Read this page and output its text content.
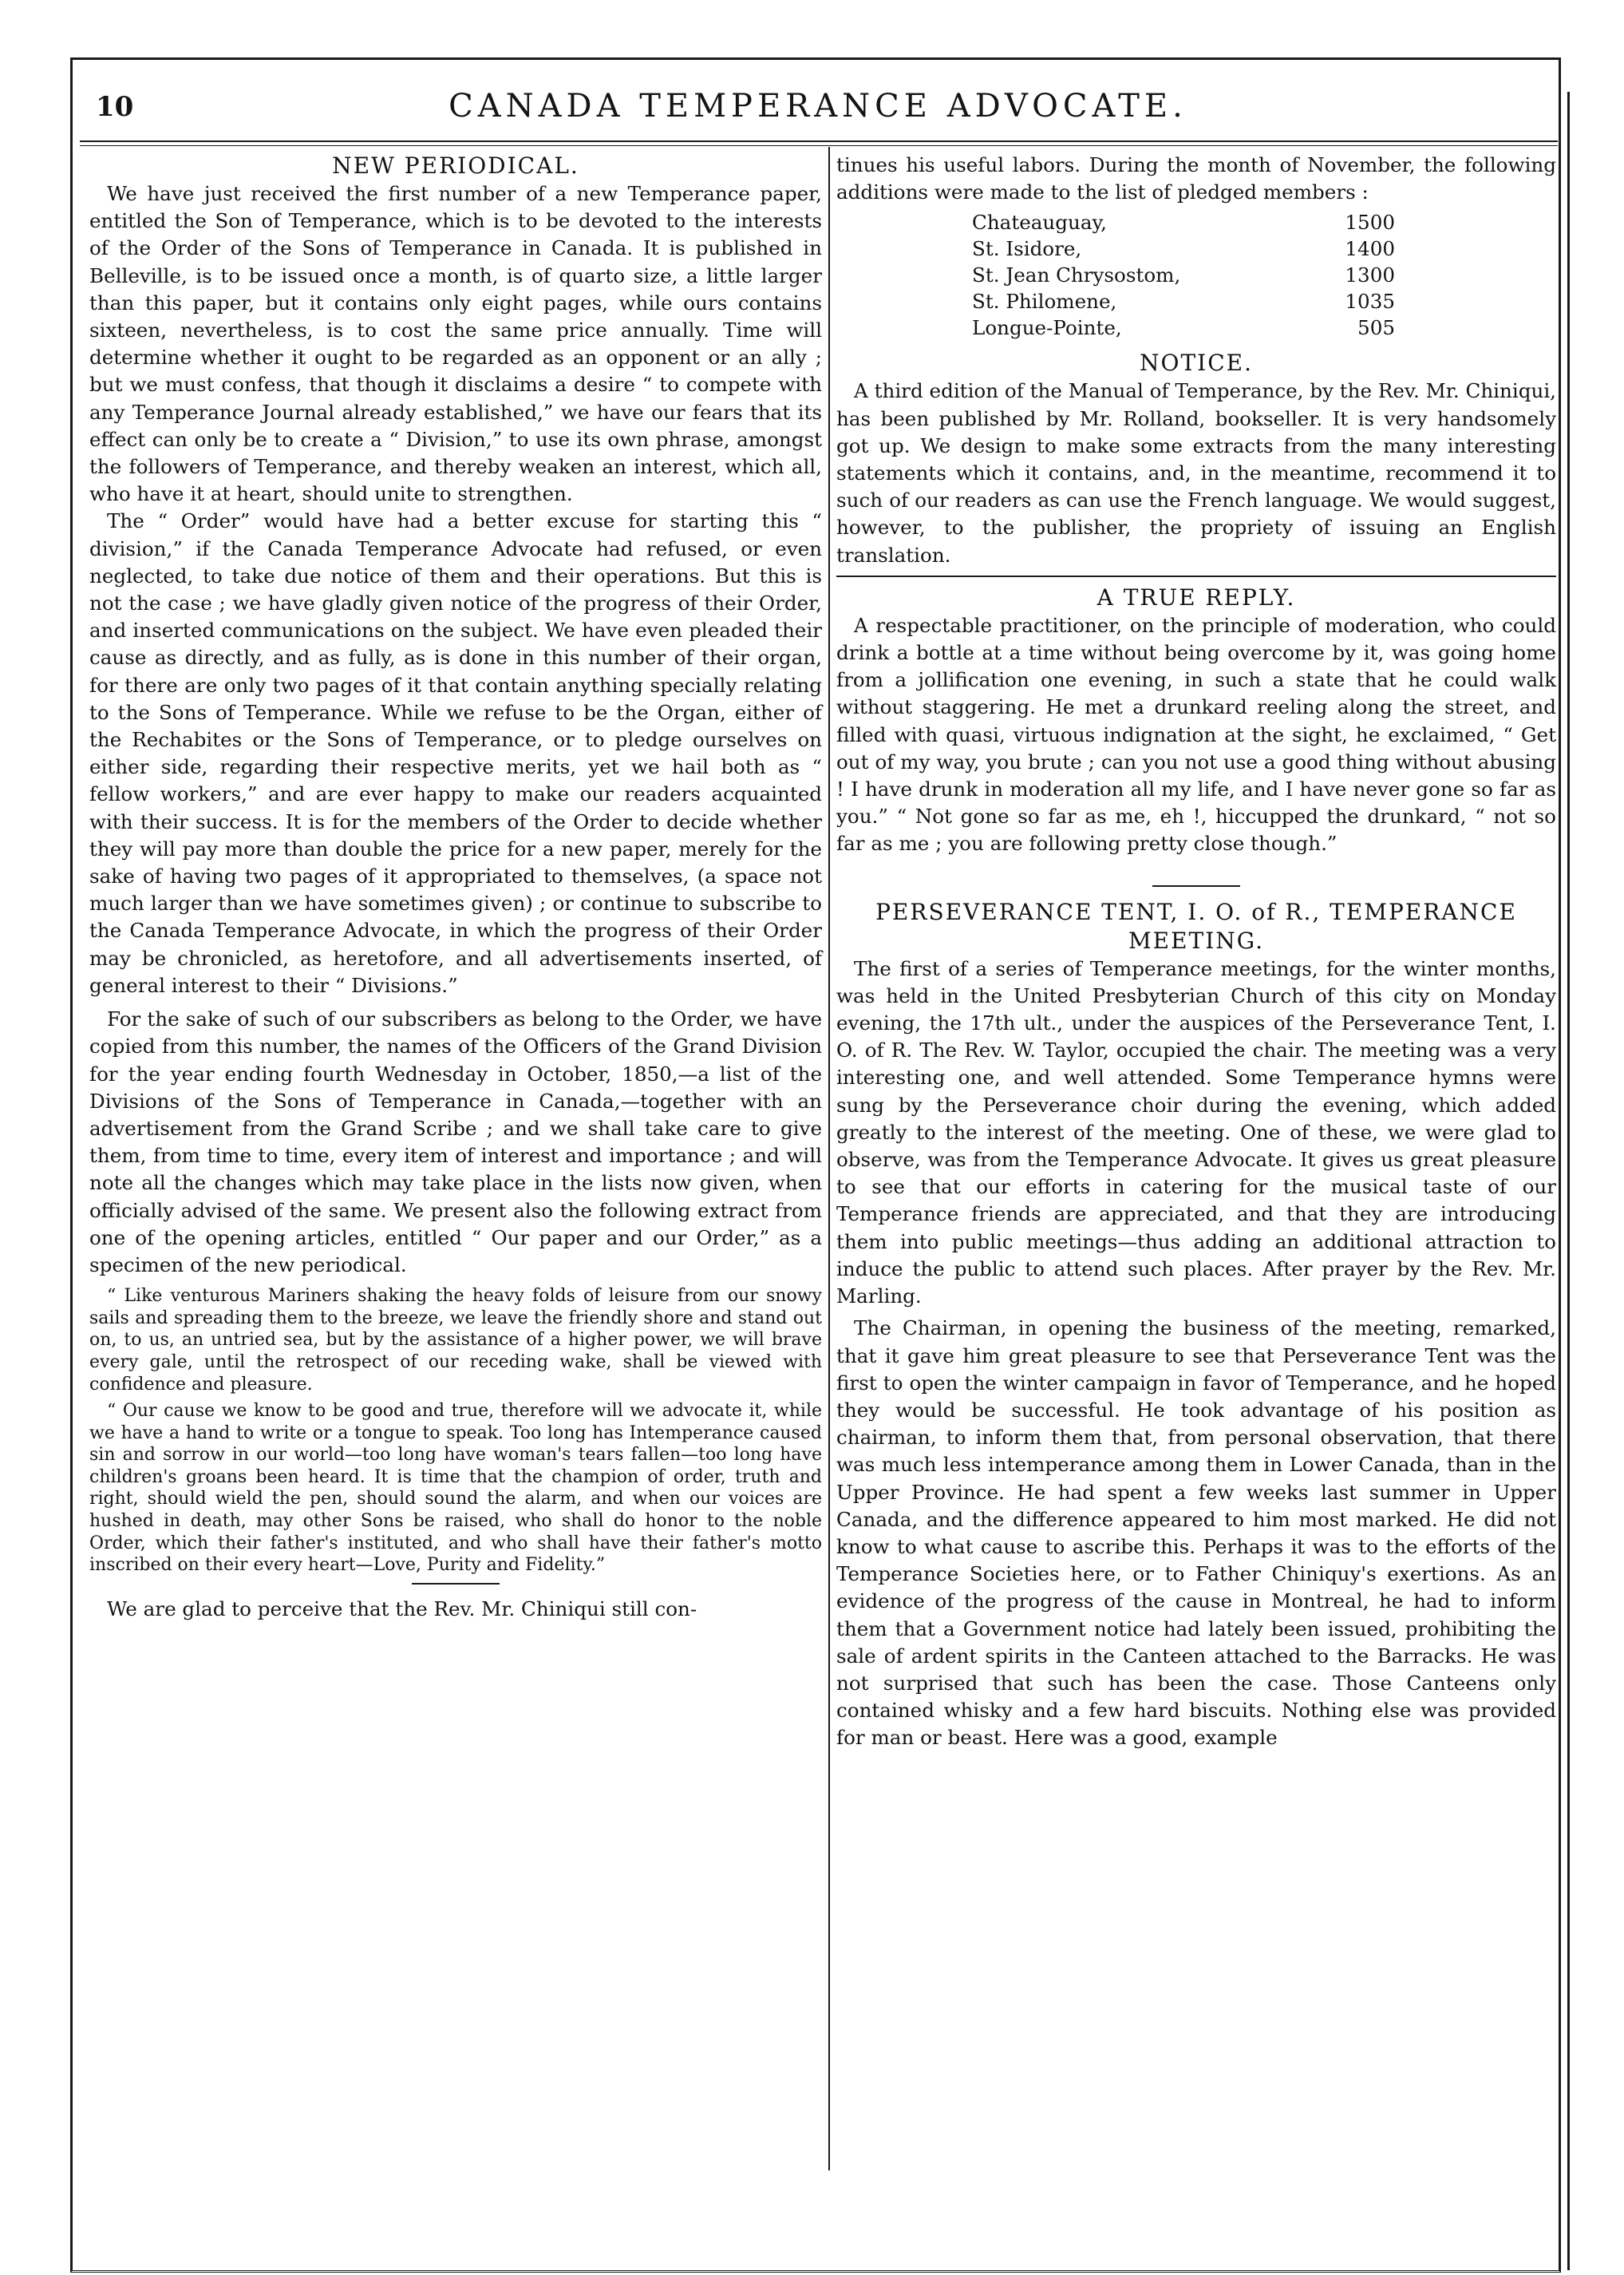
10	CANADA TEMPERANCE ADVOCATE.
NEW PERIODICAL.

We have just received the first number of a new Temperance paper, entitled the Son of Temperance, which is to be devoted to the interests of the Order of the Sons of Temperance in Canada. It is published in Belleville, is to be issued once a month, is of quarto size, a little larger than this paper, but it contains only eight pages, while ours contains sixteen, nevertheless, is to cost the same price annually. Time will determine whether it ought to be regarded as an opponent or an ally ; but we must confess, that though it disclaims a desire “ to compete with any Temperance Journal already established,” we have our fears that its effect can only be to create a “ Division,” to use its own phrase, amongst the followers of Temperance, and thereby weaken an interest, which all, who have it at heart, should unite to strengthen.

The “ Order” would have had a better excuse for starting this “ division,” if the Canada Temperance Advocate had refused, or even neglected, to take due notice of them and their operations. But this is not the case ; we have gladly given notice of the progress of their Order, and inserted communications on the subject. We have even pleaded their cause as directly, and as fully, as is done in this number of their organ, for there are only two pages of it that contain anything specially relating to the Sons of Temperance. While we refuse to be the Organ, either of the Rechabites or the Sons of Temperance, or to pledge ourselves on either side, regarding their respective merits, yet we hail both as “ fellow workers,” and are ever happy to make our readers acquainted with their success. It is for the members of the Order to decide whether they will pay more than double the price for a new paper, merely for the sake of having two pages of it appropriated to themselves, (a space not much larger than we have sometimes given) ; or continue to subscribe to the Canada Temperance Advocate, in which the progress of their Order may be chronicled, as heretofore, and all advertisements inserted, of general interest to their “ Divisions.”

For the sake of such of our subscribers as belong to the Order, we have copied from this number, the names of the Officers of the Grand Division for the year ending fourth Wednesday in October, 1850,—a list of the Divisions of the Sons of Temperance in Canada,—together with an advertisement from the Grand Scribe ; and we shall take care to give them, from time to time, every item of interest and importance ; and will note all the changes which may take place in the lists now given, when officially advised of the same. We present also the following extract from one of the opening articles, entitled “ Our paper and our Order,” as a specimen of the new periodical.

“ Like venturous Mariners shaking the heavy folds of leisure from our snowy sails and spreading them to the breeze, we leave the friendly shore and stand out on, to us, an untried sea, but by the assistance of a higher power, we will brave every gale, until the retrospect of our receding wake, shall be viewed with confidence and pleasure.

“ Our cause we know to be good and true, therefore will we advocate it, while we have a hand to write or a tongue to speak. Too long has Intemperance caused sin and sorrow in our world—too long have woman's tears fallen—too long have children's groans been heard. It is time that the champion of order, truth and right, should wield the pen, should sound the alarm, and when our voices are hushed in death, may other Sons be raised, who shall do honor to the noble Order, which their father's instituted, and who shall have their father's motto inscribed on their every heart—Love, Purity and Fidelity.”

We are glad to perceive that the Rev. Mr. Chiniqui still con-

tinues his useful labors. During the month of November, the following additions were made to the list of pledged members :

Chateauguay,	1500
St. Isidore,	1400
St. Jean Chrysostom,	1300
St. Philomene,	1035
Longue-Pointe,	505
NOTICE.

A third edition of the Manual of Temperance, by the Rev. Mr. Chiniqui, has been published by Mr. Rolland, bookseller. It is very handsomely got up. We design to make some extracts from the many interesting statements which it contains, and, in the meantime, recommend it to such of our readers as can use the French language. We would suggest, however, to the publisher, the propriety of issuing an English translation.

A TRUE REPLY.

A respectable practitioner, on the principle of moderation, who could drink a bottle at a time without being overcome by it, was going home from a jollification one evening, in such a state that he could walk without staggering. He met a drunkard reeling along the street, and filled with quasi, virtuous indignation at the sight, he exclaimed, “ Get out of my way, you brute ; can you not use a good thing without abusing ! I have drunk in moderation all my life, and I have never gone so far as you.” “ Not gone so far as me, eh !, hiccupped the drunkard, “ not so far as me ; you are following pretty close though.”

PERSEVERANCE TENT, I. O. of R., TEMPERANCE MEETING.

The first of a series of Temperance meetings, for the winter months, was held in the United Presbyterian Church of this city on Monday evening, the 17th ult., under the auspices of the Perseverance Tent, I. O. of R. The Rev. W. Taylor, occupied the chair. The meeting was a very interesting one, and well attended. Some Temperance hymns were sung by the Perseverance choir during the evening, which added greatly to the interest of the meeting. One of these, we were glad to observe, was from the Temperance Advocate. It gives us great pleasure to see that our efforts in catering for the musical taste of our Temperance friends are appreciated, and that they are introducing them into public meetings—thus adding an additional attraction to induce the public to attend such places. After prayer by the Rev. Mr. Marling.

The Chairman, in opening the business of the meeting, remarked, that it gave him great pleasure to see that Perseverance Tent was the first to open the winter campaign in favor of Temperance, and he hoped they would be successful. He took advantage of his position as chairman, to inform them that, from personal observation, that there was much less intemperance among them in Lower Canada, than in the Upper Province. He had spent a few weeks last summer in Upper Canada, and the difference appeared to him most marked. He did not know to what cause to ascribe this. Perhaps it was to the efforts of the Temperance Societies here, or to Father Chiniquy's exertions. As an evidence of the progress of the cause in Montreal, he had to inform them that a Government notice had lately been issued, prohibiting the sale of ardent spirits in the Canteen attached to the Barracks. He was not surprised that such has been the case. Those Canteens only contained whisky and a few hard biscuits. Nothing else was provided for man or beast. Here was a good, example
